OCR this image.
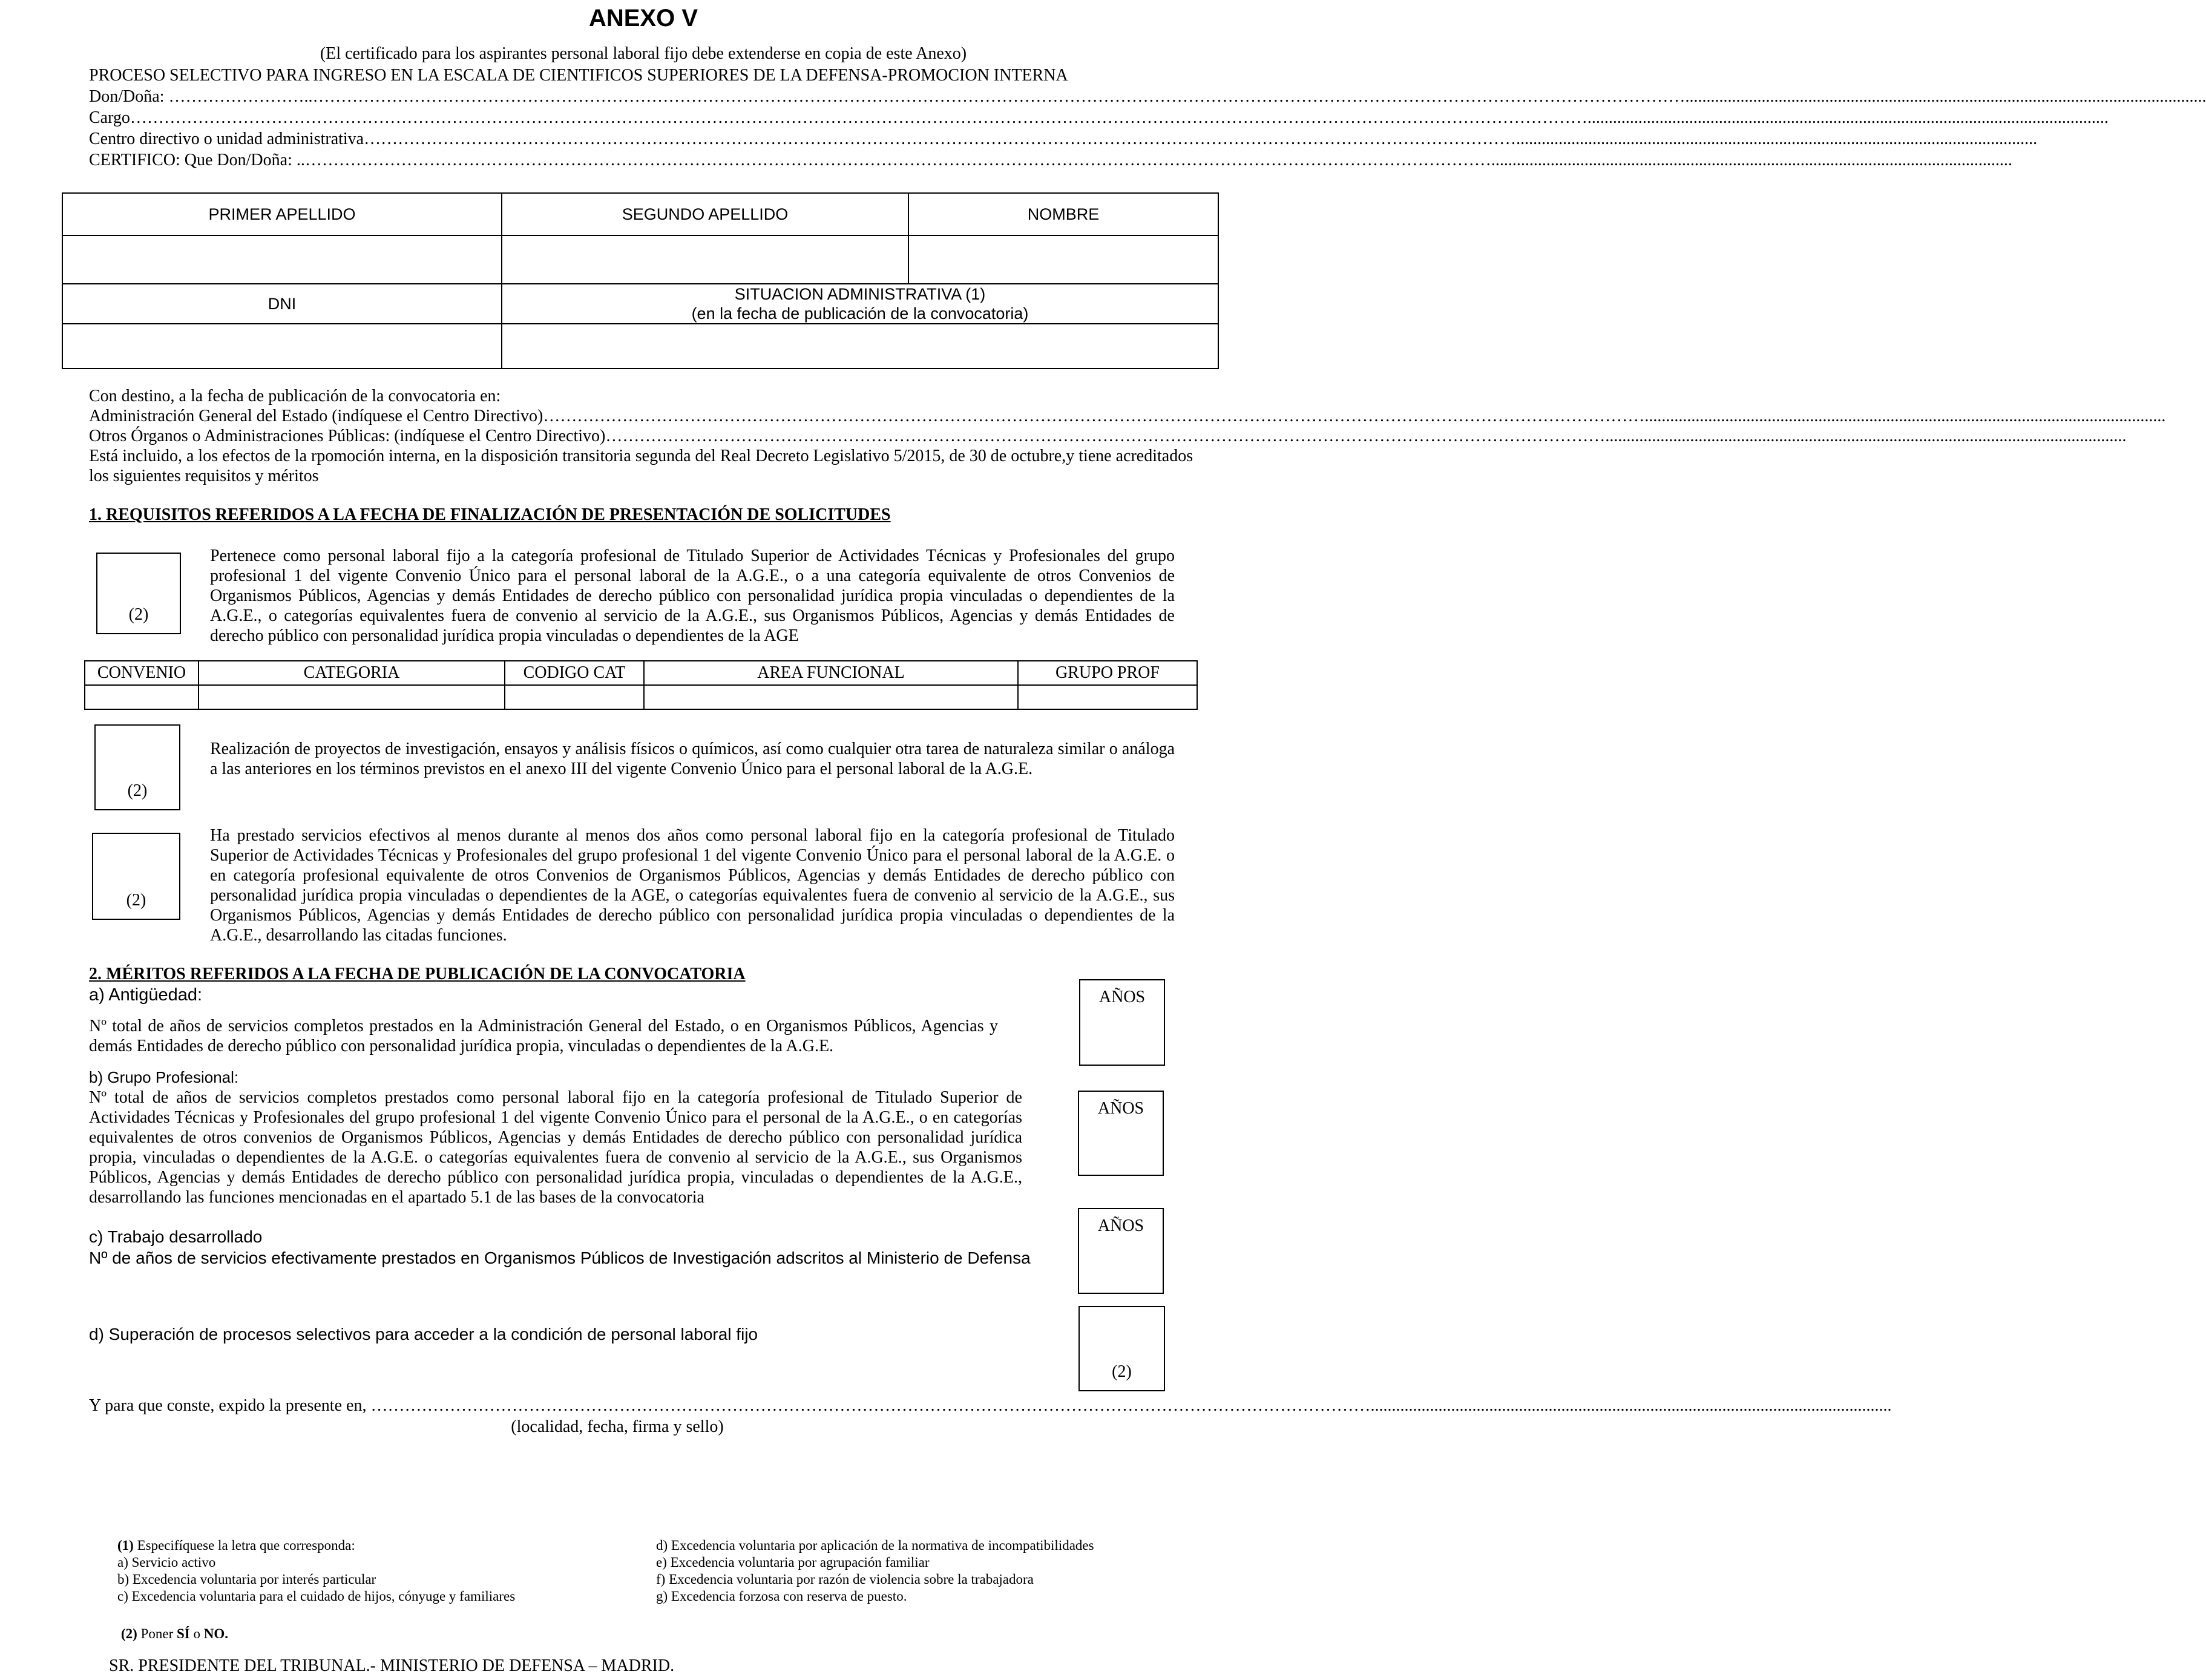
ANEXO V
(El certificado para los aspirantes personal laboral fijo debe extenderse en copia de este Anexo)
PROCESO SELECTIVO PARA INGRESO EN LA ESCALA DE CIENTIFICOS SUPERIORES DE LA DEFENSA-PROMOCION INTERNA
Don/Doña: ……………………..………………………………………………………………………………………………………………………………………………………………………………………………………………………...........................................................................................................................
Cargo……………………………………………………………………………………………………………………………………………………………………………………………………………………………………...........................................................................................................................
Centro directivo o unidad administrativa……………………………………………………………………………………………………………………………………………………………………………………...........................................................................................................................
CERTIFICO: Que Don/Doña: ..…………………………………………………………………………………………………………………………………………………………………………………………...........................................................................................................................
PRIMER APELLIDO	SEGUNDO APELLIDO	NOMBRE

DNI	SITUACION ADMINISTRATIVA (1)
(en la fecha de publicación de la convocatoria)	

Con destino, a la fecha de publicación de la convocatoria en:
Administración General del Estado (indíquese el Centro Directivo)……………………………………………………………………………………………………………………………………………………………………………...........................................................................................................................
Otros Órganos o Administraciones Públicas: (indíquese el Centro Directivo)……………………………………………………………………………………………………………………………………………………………...........................................................................................................................
Está incluido, a los efectos de la rpomoción interna, en la disposición transitoria segunda del Real Decreto Legislativo 5/2015, de 30 de octubre,y tiene acreditados
los siguientes requisitos y méritos
1. REQUISITOS REFERIDOS A LA FECHA DE FINALIZACIÓN DE PRESENTACIÓN DE SOLICITUDES
(2)
Pertenece como personal laboral fijo a la categoría profesional de Titulado Superior de Actividades Técnicas y Profesionales del grupo profesional 1 del vigente Convenio Único para el personal laboral de la A.G.E., o a una categoría equivalente de otros Convenios de Organismos Públicos, Agencias y demás Entidades de derecho público con personalidad jurídica propia vinculadas o dependientes de la A.G.E., o categorías equivalentes fuera de convenio al servicio de la A.G.E., sus Organismos Públicos, Agencias y demás Entidades de derecho público con personalidad jurídica propia vinculadas o dependientes de la AGE
CONVENIO	CATEGORIA	CODIGO CAT	AREA FUNCIONAL	GRUPO PROF

(2)
Realización de proyectos de investigación, ensayos y análisis físicos o químicos, así como cualquier otra tarea de naturaleza similar o análoga a las anteriores en los términos previstos en el anexo III del vigente Convenio Único para el personal laboral de la A.G.E.
(2)
Ha prestado servicios efectivos al menos durante al menos dos años como personal laboral fijo en la categoría profesional de Titulado Superior de Actividades Técnicas y Profesionales del grupo profesional 1 del vigente Convenio Único para el personal laboral de la A.G.E. o en categoría profesional equivalente de otros Convenios de Organismos Públicos, Agencias y demás Entidades de derecho público con personalidad jurídica propia vinculadas o dependientes de la AGE, o categorías equivalentes fuera de convenio al servicio de la A.G.E., sus Organismos Públicos, Agencias y demás Entidades de derecho público con personalidad jurídica propia vinculadas o dependientes de la A.G.E., desarrollando las citadas funciones.
2. MÉRITOS REFERIDOS A LA FECHA DE PUBLICACIÓN DE LA CONVOCATORIA
a) Antigüedad:	AÑOS
Nº total de años de servicios completos prestados en la Administración General del Estado, o en Organismos Públicos, Agencias y demás Entidades de derecho público con personalidad jurídica propia, vinculadas o dependientes de la A.G.E.
b) Grupo Profesional:
AÑOS
Nº total de años de servicios completos prestados como personal laboral fijo en la categoría profesional de Titulado Superior de Actividades Técnicas y Profesionales del grupo profesional 1 del vigente Convenio Único para el personal de la A.G.E., o en categorías equivalentes de otros convenios de Organismos Públicos, Agencias y demás Entidades de derecho público con personalidad jurídica propia, vinculadas o dependientes de la A.G.E. o categorías equivalentes fuera de convenio al servicio de la A.G.E., sus Organismos Públicos, Agencias y demás Entidades de derecho público con personalidad jurídica propia, vinculadas o dependientes de la A.G.E., desarrollando las funciones mencionadas en el apartado 5.1 de las bases de la convocatoria
AÑOS
c) Trabajo desarrollado
Nº de años de servicios efectivamente prestados en Organismos Públicos de Investigación adscritos al Ministerio de Defensa
d) Superación de procesos selectivos para acceder a la condición de personal laboral fijo
(2)
Y para que conste, expido la presente en, ……………………………………………………………………………………………………………………………………………………………...........................................................................................................................
(localidad, fecha, firma y sello)
(1) Especifíquese la letra que corresponda:
a) Servicio activo
b) Excedencia voluntaria por interés particular
c) Excedencia voluntaria para el cuidado de hijos, cónyuge y familiares
d) Excedencia voluntaria por aplicación de la normativa de incompatibilidades
e) Excedencia voluntaria por agrupación familiar
f) Excedencia voluntaria por razón de violencia sobre la trabajadora
g) Excedencia forzosa con reserva de puesto.
(2) Poner SÍ o NO.
SR. PRESIDENTE DEL TRIBUNAL.- MINISTERIO DE DEFENSA – MADRID.
